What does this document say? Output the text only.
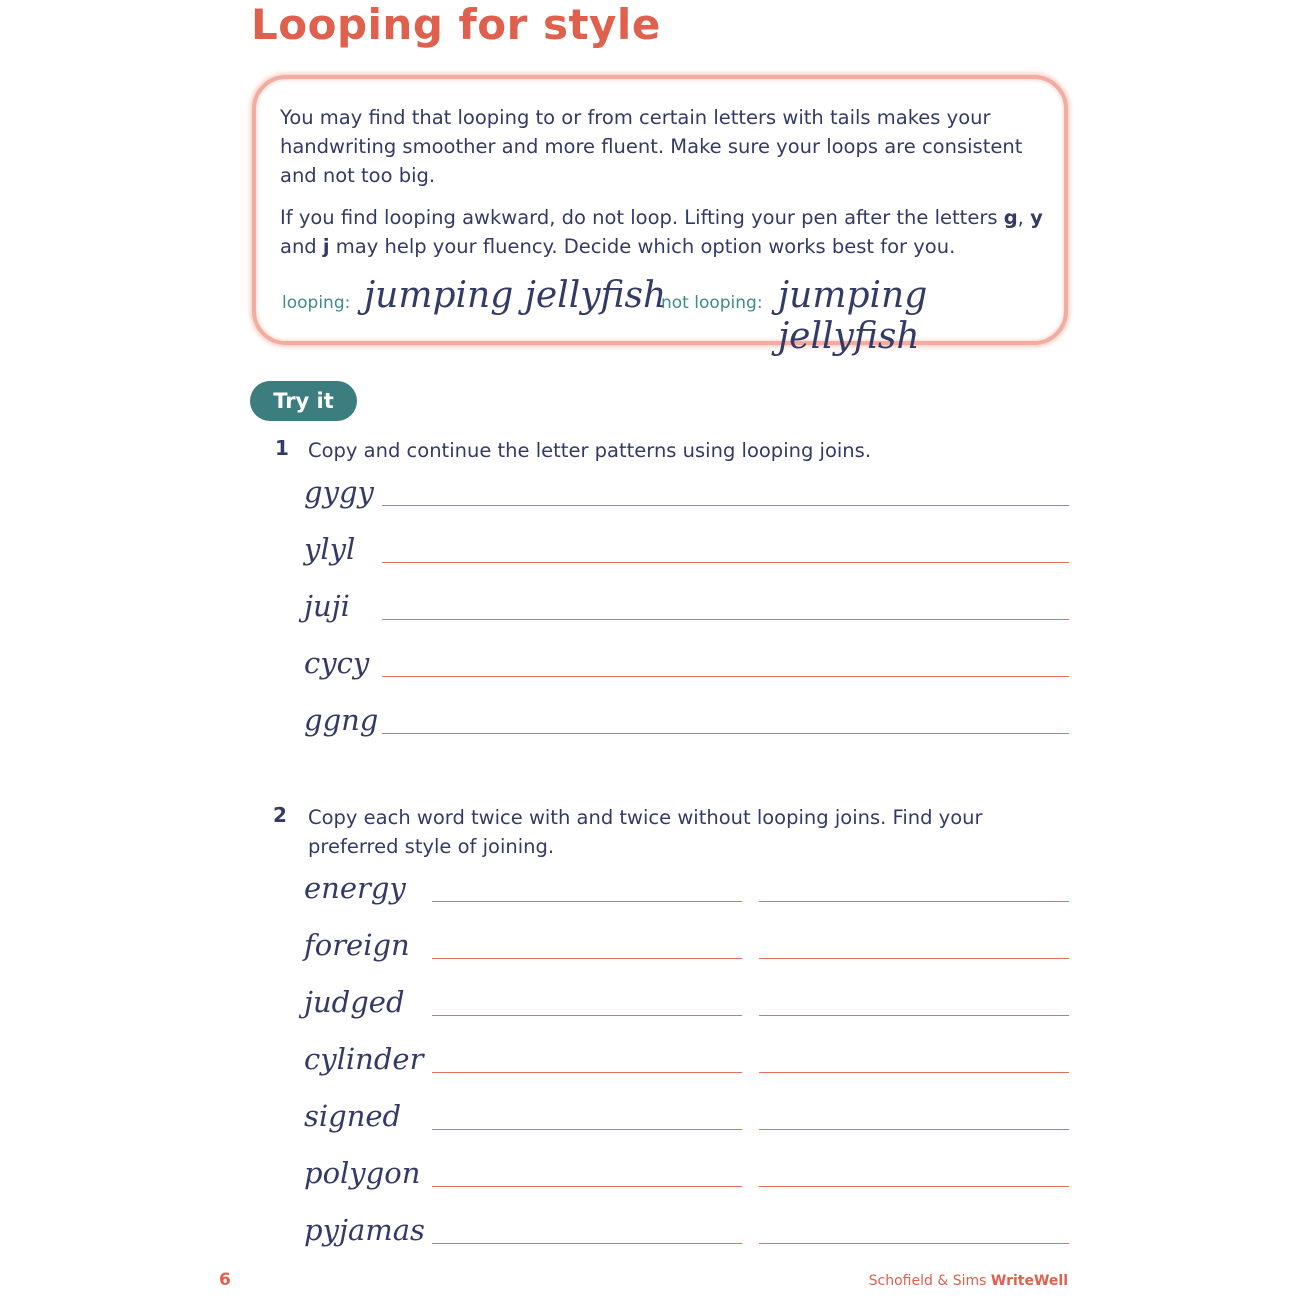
Looping for style

You may find that looping to or from certain letters with tails makes your handwriting smoother and more fluent. Make sure your loops are consistent and not too big.

If you find looping awkward, do not loop. Lifting your pen after the letters g, y and j may help your fluency. Decide which option works best for you.

looping: jumping jellyfish
not looping: jumping jellyfish
Try it
1 Copy and continue the letter patterns using looping joins.
gygy
ylyl
juji
cycy
ggng
2 Copy each word twice with and twice without looping joins. Find your preferred style of joining.
energy
foreign
judged
cylinder
signed
polygon
pyjamas
6	Schofield & Sims WriteWell
